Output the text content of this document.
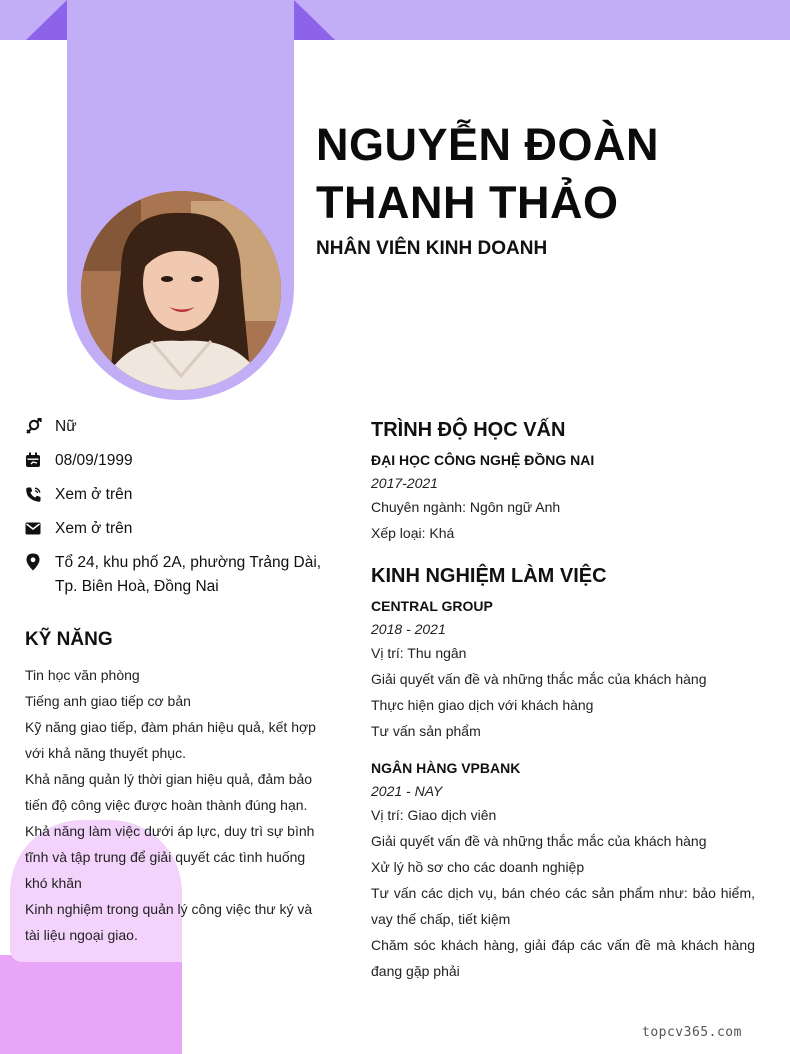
NGUYỄN ĐOÀN
THANH THẢO
NHÂN VIÊN KINH DOANH
Nữ
08/09/1999
Xem ở trên
Xem ở trên
Tổ 24, khu phố 2A, phường Trảng Dài,
Tp. Biên Hoà, Đồng Nai
KỸ NĂNG
Tin học văn phòng
Tiếng anh giao tiếp cơ bản
Kỹ năng giao tiếp, đàm phán hiệu quả, kết hợp
với khả năng thuyết phục.
Khả năng quản lý thời gian hiệu quả, đảm bảo
tiến độ công việc được hoàn thành đúng hạn.
Khả năng làm việc dưới áp lực, duy trì sự bình
tĩnh và tập trung để giải quyết các tình huống
khó khăn
Kinh nghiệm trong quản lý công việc thư ký và
tài liệu ngoại giao.
TRÌNH ĐỘ HỌC VẤN
ĐẠI HỌC CÔNG NGHỆ ĐỒNG NAI
2017-2021
Chuyên ngành: Ngôn ngữ Anh
Xếp loại: Khá
KINH NGHIỆM LÀM VIỆC
CENTRAL GROUP
2018 - 2021
Vị trí: Thu ngân
Giải quyết vấn đề và những thắc mắc của khách hàng
Thực hiện giao dịch với khách hàng
Tư vấn sản phẩm
NGÂN HÀNG VPBANK
2021 - NAY
Vị trí: Giao dịch viên
Giải quyết vấn đề và những thắc mắc của khách hàng
Xử lý hồ sơ cho các doanh nghiệp
Tư vấn các dịch vụ, bán chéo các sản phẩm như: bảo hiểm, vay thế chấp, tiết kiệm
Chăm sóc khách hàng, giải đáp các vấn đề mà khách hàng đang gặp phải
topcv365.com
